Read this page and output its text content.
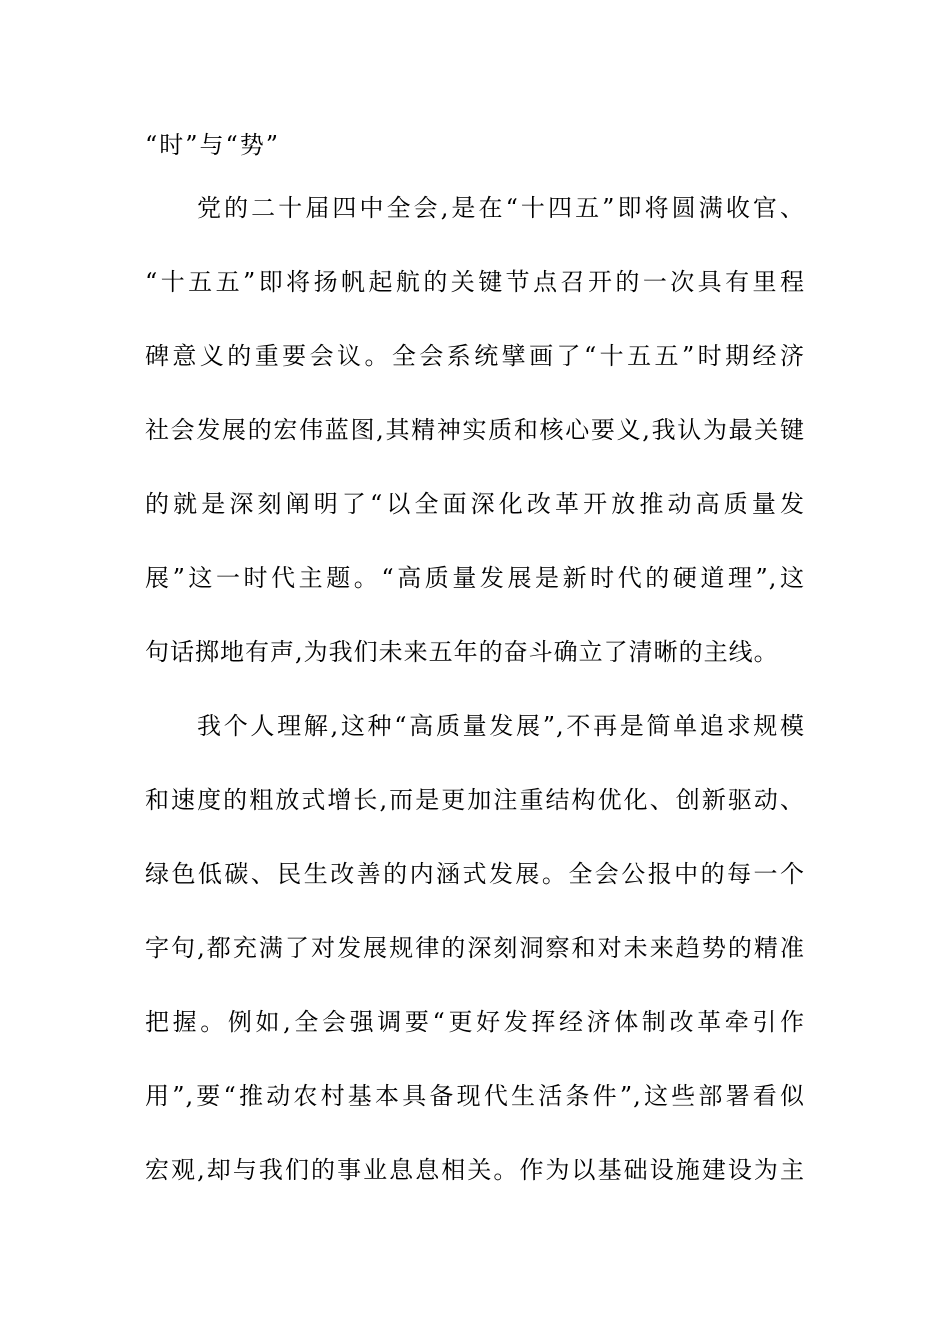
“时”与“势”
党的二十届四中全会,是在“十四五”即将圆满收官、
“十五五”即将扬帆起航的关键节点召开的一次具有里程
碑意义的重要会议。全会系统擘画了“十五五”时期经济
社会发展的宏伟蓝图,其精神实质和核心要义,我认为最关键
的就是深刻阐明了“以全面深化改革开放推动高质量发
展”这一时代主题。“高质量发展是新时代的硬道理”,这
句话掷地有声,为我们未来五年的奋斗确立了清晰的主线。
我个人理解,这种“高质量发展”,不再是简单追求规模
和速度的粗放式增长,而是更加注重结构优化、创新驱动、
绿色低碳、民生改善的内涵式发展。全会公报中的每一个
字句,都充满了对发展规律的深刻洞察和对未来趋势的精准
把握。例如,全会强调要“更好发挥经济体制改革牵引作
用”,要“推动农村基本具备现代生活条件”,这些部署看似
宏观,却与我们的事业息息相关。作为以基础设施建设为主
